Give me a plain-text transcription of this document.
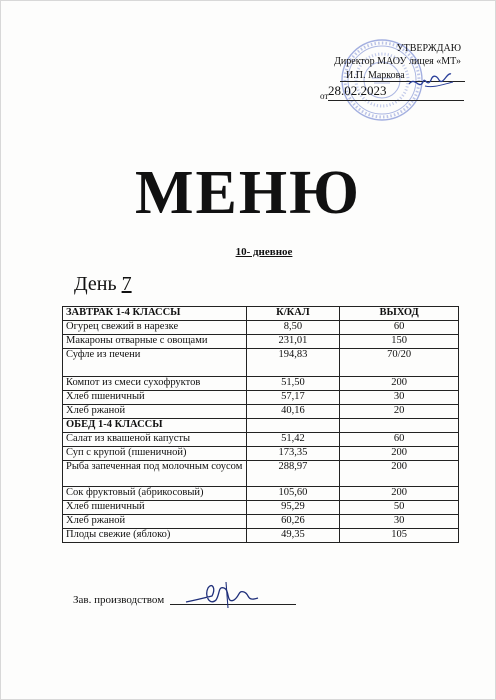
УТВЕРЖДАЮ
Директор МАОУ лицея «МТ»
И.П. Маркова
от 28.02.2023
МЕНЮ
10- дневное
День 7
ЗАВТРАК 1-4 КЛАССЫ	К/КАЛ	ВЫХОД
Огурец свежий в нарезке	8,50	60
Макароны отварные с овощами	231,01	150
Суфле из печени	194,83	70/20
Компот из смеси сухофруктов	51,50	200
Хлеб пшеничный	57,17	30
Хлеб ржаной	40,16	20
ОБЕД 1-4 КЛАССЫ		
Салат из квашеной капусты	51,42	60
Суп с крупой (пшеничной)	173,35	200
Рыба запеченная под молочным соусом	288,97	200
Сок фруктовый (абрикосовый)	105,60	200
Хлеб пшеничный	95,29	50
Хлеб ржаной	60,26	30
Плоды свежие (яблоко)	49,35	105
Зав. производством
